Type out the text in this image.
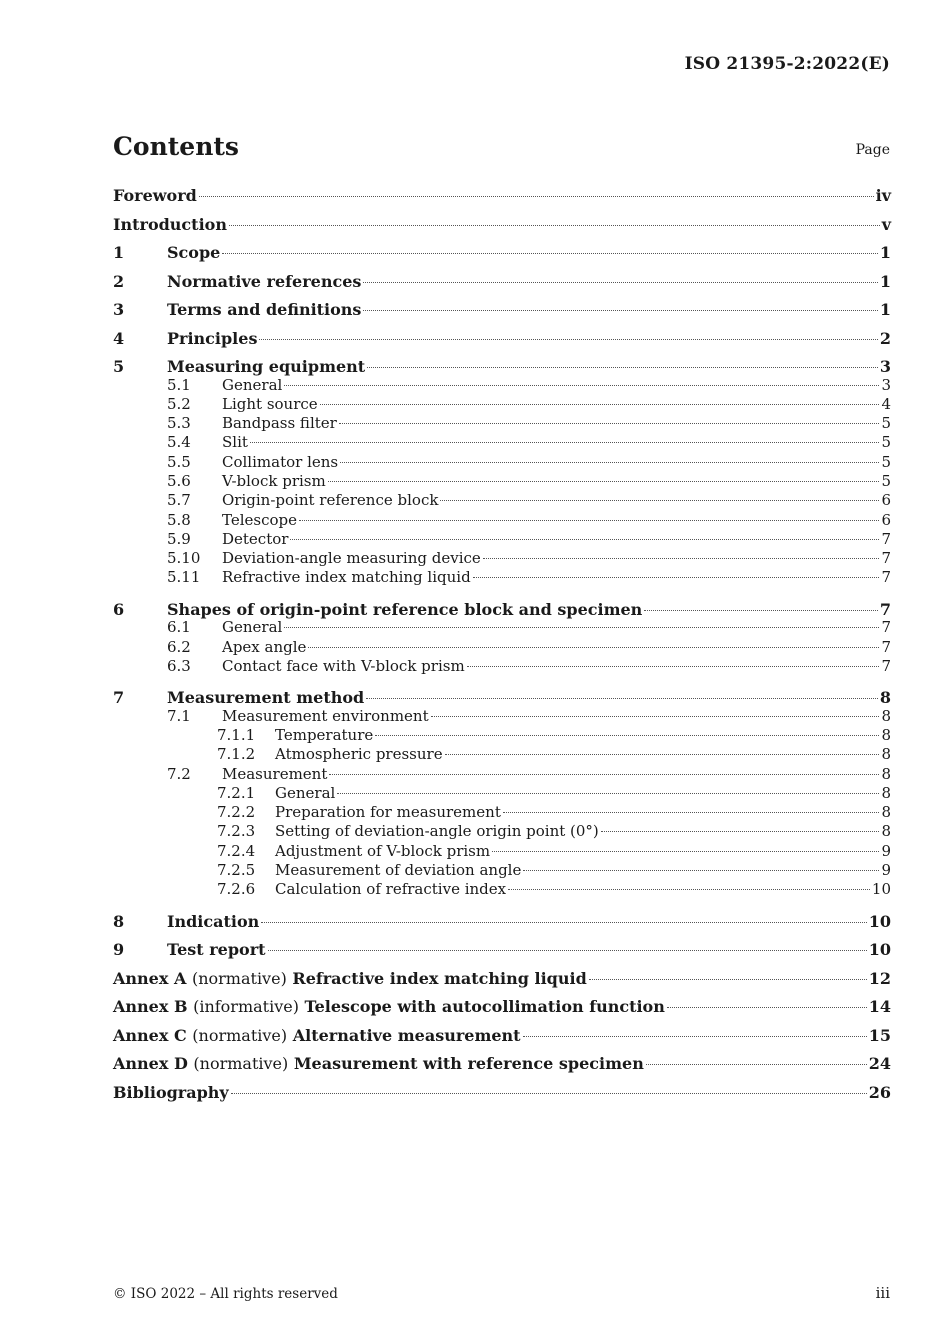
ISO 21395-2:2022(E)
Contents	Page
Foreword	iv
Introduction	v
1	Scope	1
2	Normative references	1
3	Terms and definitions	1
4	Principles	2
5	Measuring equipment	3
5.1	General	3
5.2	Light source	4
5.3	Bandpass filter	5
5.4	Slit	5
5.5	Collimator lens	5
5.6	V-block prism	5
5.7	Origin-point reference block	6
5.8	Telescope	6
5.9	Detector	7
5.10	Deviation-angle measuring device	7
5.11	Refractive index matching liquid	7
6	Shapes of origin-point reference block and specimen	7
6.1	General	7
6.2	Apex angle	7
6.3	Contact face with V-block prism	7
7	Measurement method	8
7.1	Measurement environment	8
7.1.1	Temperature	8
7.1.2	Atmospheric pressure	8
7.2	Measurement	8
7.2.1	General	8
7.2.2	Preparation for measurement	8
7.2.3	Setting of deviation-angle origin point (0°)	8
7.2.4	Adjustment of V-block prism	9
7.2.5	Measurement of deviation angle	9
7.2.6	Calculation of refractive index	10
8	Indication	10
9	Test report	10
Annex A (normative) Refractive index matching liquid	12
Annex B (informative) Telescope with autocollimation function	14
Annex C (normative) Alternative measurement	15
Annex D (normative) Measurement with reference specimen	24
Bibliography	26
© ISO 2022 – All rights reserved	iii
